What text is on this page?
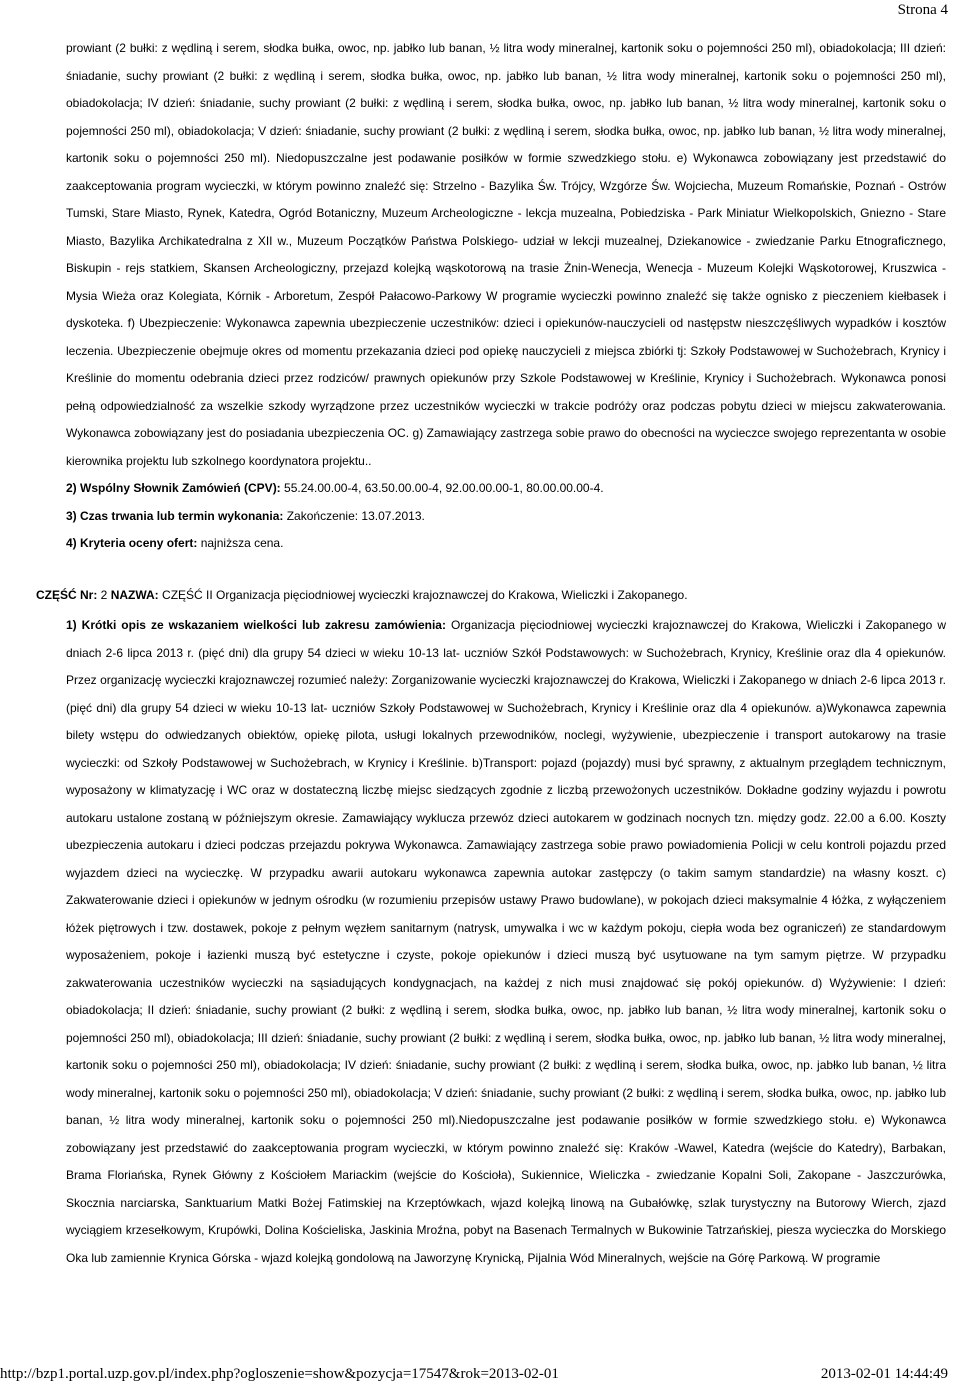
Strona 4

prowiant (2 bułki: z wędliną i serem, słodka bułka, owoc, np. jabłko lub banan, ½ litra wody mineralnej, kartonik soku o pojemności 250 ml), obiadokolacja; III dzień: śniadanie, suchy prowiant (2 bułki: z wędliną i serem, słodka bułka, owoc, np. jabłko lub banan, ½ litra wody mineralnej, kartonik soku o pojemności 250 ml), obiadokolacja; IV dzień: śniadanie, suchy prowiant (2 bułki: z wędliną i serem, słodka bułka, owoc, np. jabłko lub banan, ½ litra wody mineralnej, kartonik soku o pojemności 250 ml), obiadokolacja; V dzień: śniadanie, suchy prowiant (2 bułki: z wędliną i serem, słodka bułka, owoc, np. jabłko lub banan, ½ litra wody mineralnej, kartonik soku o pojemności 250 ml). Niedopuszczalne jest podawanie posiłków w formie szwedzkiego stołu. e) Wykonawca zobowiązany jest przedstawić do zaakceptowania program wycieczki, w którym powinno znaleźć się: Strzelno - Bazylika Św. Trójcy, Wzgórze Św. Wojciecha, Muzeum Romańskie, Poznań - Ostrów Tumski, Stare Miasto, Rynek, Katedra, Ogród Botaniczny, Muzeum Archeologiczne - lekcja muzealna, Pobiedziska - Park Miniatur Wielkopolskich, Gniezno - Stare Miasto, Bazylika Archikatedralna z XII w., Muzeum Początków Państwa Polskiego- udział w lekcji muzealnej, Dziekanowice - zwiedzanie Parku Etnograficznego, Biskupin - rejs statkiem, Skansen Archeologiczny, przejazd kolejką wąskotorową na trasie Żnin-Wenecja, Wenecja - Muzeum Kolejki Wąskotorowej, Kruszwica - Mysia Wieża oraz Kolegiata, Kórnik - Arboretum, Zespół Pałacowo-Parkowy W programie wycieczki powinno znaleźć się także ognisko z pieczeniem kiełbasek i dyskoteka. f) Ubezpieczenie: Wykonawca zapewnia ubezpieczenie uczestników: dzieci i opiekunów-nauczycieli od następstw nieszczęśliwych wypadków i kosztów leczenia. Ubezpieczenie obejmuje okres od momentu przekazania dzieci pod opiekę nauczycieli z miejsca zbiórki tj: Szkoły Podstawowej w Suchożebrach, Krynicy i Kreślinie do momentu odebrania dzieci przez rodziców/ prawnych opiekunów przy Szkole Podstawowej w Kreślinie, Krynicy i Suchożebrach. Wykonawca ponosi pełną odpowiedzialność za wszelkie szkody wyrządzone przez uczestników wycieczki w trakcie podróży oraz podczas pobytu dzieci w miejscu zakwaterowania. Wykonawca zobowiązany jest do posiadania ubezpieczenia OC. g) Zamawiający zastrzega sobie prawo do obecności na wycieczce swojego reprezentanta w osobie kierownika projektu lub szkolnego koordynatora projektu..

2) Wspólny Słownik Zamówień (CPV): 55.24.00.00-4, 63.50.00.00-4, 92.00.00.00-1, 80.00.00.00-4.

3) Czas trwania lub termin wykonania: Zakończenie: 13.07.2013.

4) Kryteria oceny ofert: najniższa cena.

CZĘŚĆ Nr: 2 NAZWA: CZĘŚĆ II Organizacja pięciodniowej wycieczki krajoznawczej do Krakowa, Wieliczki i Zakopanego.

1) Krótki opis ze wskazaniem wielkości lub zakresu zamówienia: Organizacja pięciodniowej wycieczki krajoznawczej do Krakowa, Wieliczki i Zakopanego w dniach 2-6 lipca 2013 r. (pięć dni) dla grupy 54 dzieci w wieku 10-13 lat- uczniów Szkół Podstawowych: w Suchożebrach, Krynicy, Kreślinie oraz dla 4 opiekunów. Przez organizację wycieczki krajoznawczej rozumieć należy: Zorganizowanie wycieczki krajoznawczej do Krakowa, Wieliczki i Zakopanego w dniach 2-6 lipca 2013 r. (pięć dni) dla grupy 54 dzieci w wieku 10-13 lat- uczniów Szkoły Podstawowej w Suchożebrach, Krynicy i Kreślinie oraz dla 4 opiekunów. a)Wykonawca zapewnia bilety wstępu do odwiedzanych obiektów, opiekę pilota, usługi lokalnych przewodników, noclegi, wyżywienie, ubezpieczenie i transport autokarowy na trasie wycieczki: od Szkoły Podstawowej w Suchożebrach, w Krynicy i Kreślinie. b)Transport: pojazd (pojazdy) musi być sprawny, z aktualnym przeglądem technicznym, wyposażony w klimatyzację i WC oraz w dostateczną liczbę miejsc siedzących zgodnie z liczbą przewożonych uczestników. Dokładne godziny wyjazdu i powrotu autokaru ustalone zostaną w późniejszym okresie. Zamawiający wyklucza przewóz dzieci autokarem w godzinach nocnych tzn. między godz. 22.00 a 6.00. Koszty ubezpieczenia autokaru i dzieci podczas przejazdu pokrywa Wykonawca. Zamawiający zastrzega sobie prawo powiadomienia Policji w celu kontroli pojazdu przed wyjazdem dzieci na wycieczkę. W przypadku awarii autokaru wykonawca zapewnia autokar zastępczy (o takim samym standardzie) na własny koszt. c) Zakwaterowanie dzieci i opiekunów w jednym ośrodku (w rozumieniu przepisów ustawy Prawo budowlane), w pokojach dzieci maksymalnie 4 łóżka, z wyłączeniem łóżek piętrowych i tzw. dostawek, pokoje z pełnym węzłem sanitarnym (natrysk, umywalka i wc w każdym pokoju, ciepła woda bez ograniczeń) ze standardowym wyposażeniem, pokoje i łazienki muszą być estetyczne i czyste, pokoje opiekunów i dzieci muszą być usytuowane na tym samym piętrze. W przypadku zakwaterowania uczestników wycieczki na sąsiadujących kondygnacjach, na każdej z nich musi znajdować się pokój opiekunów. d) Wyżywienie: I dzień: obiadokolacja; II dzień: śniadanie, suchy prowiant (2 bułki: z wędliną i serem, słodka bułka, owoc, np. jabłko lub banan, ½ litra wody mineralnej, kartonik soku o pojemności 250 ml), obiadokolacja; III dzień: śniadanie, suchy prowiant (2 bułki: z wędliną i serem, słodka bułka, owoc, np. jabłko lub banan, ½ litra wody mineralnej, kartonik soku o pojemności 250 ml), obiadokolacja; IV dzień: śniadanie, suchy prowiant (2 bułki: z wędliną i serem, słodka bułka, owoc, np. jabłko lub banan, ½ litra wody mineralnej, kartonik soku o pojemności 250 ml), obiadokolacja; V dzień: śniadanie, suchy prowiant (2 bułki: z wędliną i serem, słodka bułka, owoc, np. jabłko lub banan, ½ litra wody mineralnej, kartonik soku o pojemności 250 ml).Niedopuszczalne jest podawanie posiłków w formie szwedzkiego stołu. e) Wykonawca zobowiązany jest przedstawić do zaakceptowania program wycieczki, w którym powinno znaleźć się: Kraków -Wawel, Katedra (wejście do Katedry), Barbakan, Brama Floriańska, Rynek Główny z Kościołem Mariackim (wejście do Kościoła), Sukiennice, Wieliczka - zwiedzanie Kopalni Soli, Zakopane - Jaszczurówka, Skocznia narciarska, Sanktuarium Matki Bożej Fatimskiej na Krzeptówkach, wjazd kolejką linową na Gubałówkę, szlak turystyczny na Butorowy Wierch, zjazd wyciągiem krzesełkowym, Krupówki, Dolina Kościeliska, Jaskinia Mroźna, pobyt na Basenach Termalnych w Bukowinie Tatrzańskiej, piesza wycieczka do Morskiego Oka lub zamiennie Krynica Górska - wjazd kolejką gondolową na Jaworzynę Krynicką, Pijalnia Wód Mineralnych, wejście na Górę Parkową. W programie

http://bzp1.portal.uzp.gov.pl/index.php?ogloszenie=show&pozycja=17547&rok=2013-02-01	2013-02-01 14:44:49
